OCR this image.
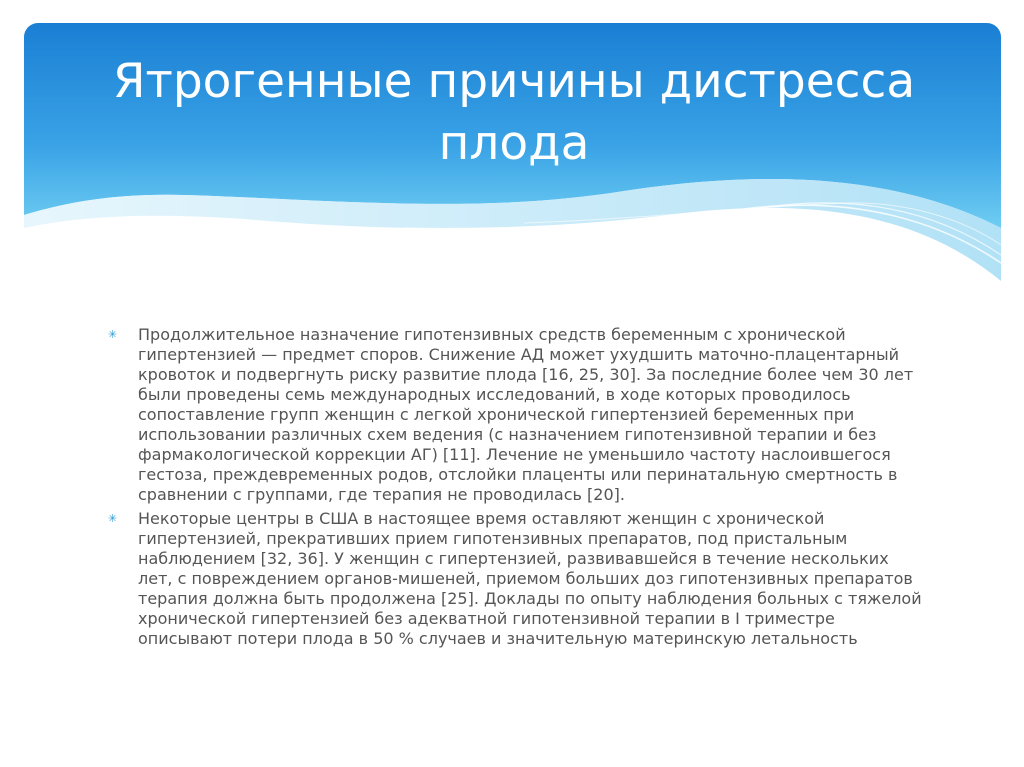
Ятрогенные причины дистресса плода
✳ Продолжительное назначение гипотензивных средств беременным с хронической гипертензией — предмет споров. Снижение АД может ухудшить маточно-плацентарный кровоток и подвергнуть риску развитие плода [16, 25, 30]. За последние более чем 30 лет были проведены семь международных исследований, в ходе которых проводилось сопоставление групп женщин с легкой хронической гипертензией беременных при использовании различных схем ведения (с назначением гипотензивной терапии и без фармакологической коррекции АГ) [11]. Лечение не уменьшило частоту наслоившегося гестоза, преждевременных родов, отслойки плаценты или перинатальную смертность в сравнении с группами, где терапия не проводилась [20].
✳ Некоторые центры в США в настоящее время оставляют женщин с хронической гипертензией, прекративших прием гипотензивных препаратов, под пристальным наблюдением [32, 36]. У женщин с гипертензией, развивавшейся в течение нескольких лет, с повреждением органов-мишеней, приемом больших доз гипотензивных препаратов терапия должна быть продолжена [25]. Доклады по опыту наблюдения больных с тяжелой хронической гипертензией без адекватной гипотензивной терапии в I триместре описывают потери плода в 50 % случаев и значительную материнскую летальность
